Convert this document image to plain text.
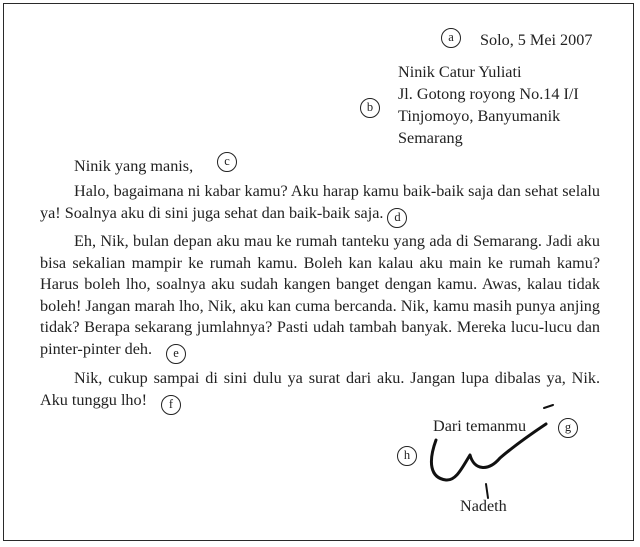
a	Solo, 5 Mei 2007
b
Ninik Catur Yuliati
Jl. Gotong royong No.14 I/I
Tinjomoyo, Banyumanik
Semarang
Ninik yang manis,	c
Halo, bagaimana ni kabar kamu? Aku harap kamu baik-baik saja dan sehat selalu ya! Soalnya aku di sini juga sehat dan baik-baik saja. d
Eh, Nik, bulan depan aku mau ke rumah tanteku yang ada di Semarang. Jadi aku bisa sekalian mampir ke rumah kamu. Boleh kan kalau aku main ke rumah kamu? Harus boleh lho, soalnya aku sudah kangen banget dengan kamu. Awas, kalau tidak boleh! Jangan marah lho, Nik, aku kan cuma bercanda. Nik, kamu masih punya anjing tidak? Berapa sekarang jumlahnya? Pasti udah tambah banyak. Mereka lucu-lucu dan pinter-pinter deh. e
Nik, cukup sampai di sini dulu ya surat dari aku. Jangan lupa dibalas ya, Nik. Aku tunggu lho! f
Dari temanmu	g
h
Nadeth
